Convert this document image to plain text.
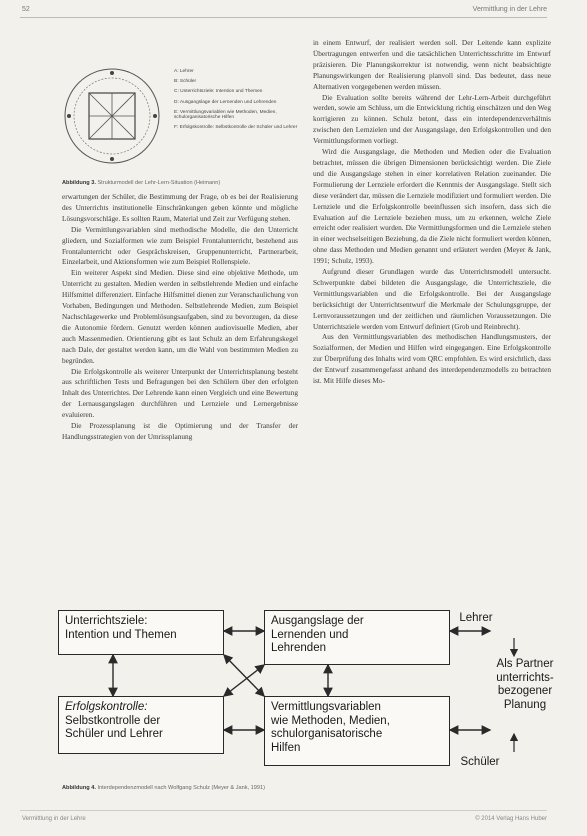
52	Vermittlung in der Lehre
A: Lehrer
B: Schüler
C: Unterrichtsziele: Intention und Themen
D: Ausgangslage der Lernenden und Lehrenden
E: Vermittlungsvariablen wie Methoden, Medien, schulorganisatorische Hilfen
F: Erfolgskontrolle: Selbstkontrolle der Schüler und Lehrer
Abbildung 3. Strukturmodell der Lehr-Lern-Situation (Heimann)

erwartungen der Schüler, die Bestimmung der Frage, ob es bei der Realisierung des Unterrichts institutionelle Einschränkungen geben könnte und mögliche Lösungsvorschläge. Es sollten Raum, Material und Zeit zur Verfügung stehen.

Die Vermittlungsvariablen sind methodische Modelle, die den Unterricht gliedern, und Sozialformen wie zum Beispiel Frontalunterricht, bestehend aus Frontalunterricht oder Gesprächskreisen, Gruppenunterricht, Partnerarbeit, Einzelarbeit, und Aktionsformen wie zum Beispiel Rollenspiele.

Ein weiterer Aspekt sind Medien. Diese sind eine objektive Methode, um Unterricht zu gestalten. Medien werden in selbstlehrende Medien und einfache Hilfsmittel differenziert. Einfache Hilfsmittel dienen zur Veranschaulichung von Vorhaben, Bedingungen und Methoden. Selbstlehrende Medien, zum Beispiel Nachschlagewerke und Problemlösungsaufgaben, sind zu bevorzugen, da diese die Autonomie fördern. Genutzt werden können audiovisuelle Medien, aber auch Massenmedien. Orientierung gibt es laut Schulz an dem Erfahrungskegel nach Dale, der gestaltet werden kann, um die Wahl von bestimmten Medien zu begründen.

Die Erfolgskontrolle als weiterer Unterpunkt der Unterrichtsplanung besteht aus schriftlichen Tests und Befragungen bei den Schülern über den erfolgten Inhalt des Unterrichtes. Der Lehrende kann einen Vergleich und eine Bewertung der Lernausgangslagen durchführen und Lernziele und Lernergebnisse evaluieren.

Die Prozessplanung ist die Optimierung und der Transfer der Handlungsstrategien von der Umrissplanung

in einem Entwurf, der realisiert werden soll. Der Leitende kann explizite Übertragungen entwerfen und die tatsächlichen Unterrichtsschritte im Entwurf präzisieren. Die Planungskorrektur ist notwendig, wenn nicht beabsichtigte Planungswirkungen der Realisierung planvoll sind. Das bedeutet, dass neue Alternativen vorgegebenen werden müssen.

Die Evaluation sollte bereits während der Lehr-Lern-Arbeit durchgeführt werden, sowie am Schluss, um die Entwicklung richtig einschätzen und den Weg korrigieren zu können. Schulz betont, dass ein interdependenzverhältnis zwischen den Lernzielen und der Ausgangslage, den Erfolgskontrollen und den Vermittlungsformen vorliegt.

Wird die Ausgangslage, die Methoden und Medien oder die Evaluation betrachtet, müssen die übrigen Dimensionen berücksichtigt werden. Die Ziele und die Ausgangslage stehen in einer korrelativen Relation zueinander. Die Formulierung der Lernziele erfordert die Kenntnis der Ausgangslage. Stellt sich diese verändert dar, müssen die Lernziele modifiziert und formuliert werden. Die Lernziele und die Erfolgskontrolle beeinflussen sich insofern, dass sich die Evaluation auf die Lernziele beziehen muss, um zu erkennen, welche Ziele erreicht oder realisiert wurden. Die Vermittlungsformen und die Lernziele stehen in einer wechselseitigen Beziehung, da die Ziele nicht formuliert werden können, ohne dass Methoden und Medien genannt und erläutert werden (Meyer & Jank, 1991; Schulz, 1993).

Aufgrund dieser Grundlagen wurde das Unterrichtsmodell untersucht. Schwerpunkte dabei bildeten die Ausgangslage, die Unterrichtsziele, die Vermittlungsvariablen und die Erfolgskontrolle. Bei der Ausgangslage berücksichtigt der Unterrichtsentwurf die Merkmale der Schulungsgruppe, der Lernvoraussetzungen und der zeitlichen und räumlichen Voraussetzungen. Die Unterrichtsziele werden vom Entwurf definiert (Grob und Reinbrecht).

Aus den Vermittlungsvariablen des methodischen Handlungsmusters, der Sozialformen, der Medien und Hilfen wird eingegangen. Eine Erfolgskontrolle zur Überprüfung des Inhalts wird vom QRC empfohlen. Es wird ersichtlich, dass der Entwurf zusammengefasst anhand des interdependenzmodells zu betrachten ist. Mit Hilfe dieses Mo-

Unterrichtsziele:
Intention und Themen
Ausgangslage der
Lernenden und
Lehrenden
Erfolgskontrolle:
Selbstkontrolle der
Schüler und Lehrer
Vermittlungsvariablen
wie Methoden, Medien,
schulorganisatorische
Hilfen
Lehrer
Als Partner
unterrichts-
bezogener
Planung
Schüler
Abbildung 4. Interdependenzmodell nach Wolfgang Schulz (Meyer & Jank, 1991)
Vermittlung in der Lehre	© 2014 Verlag Hans Huber
